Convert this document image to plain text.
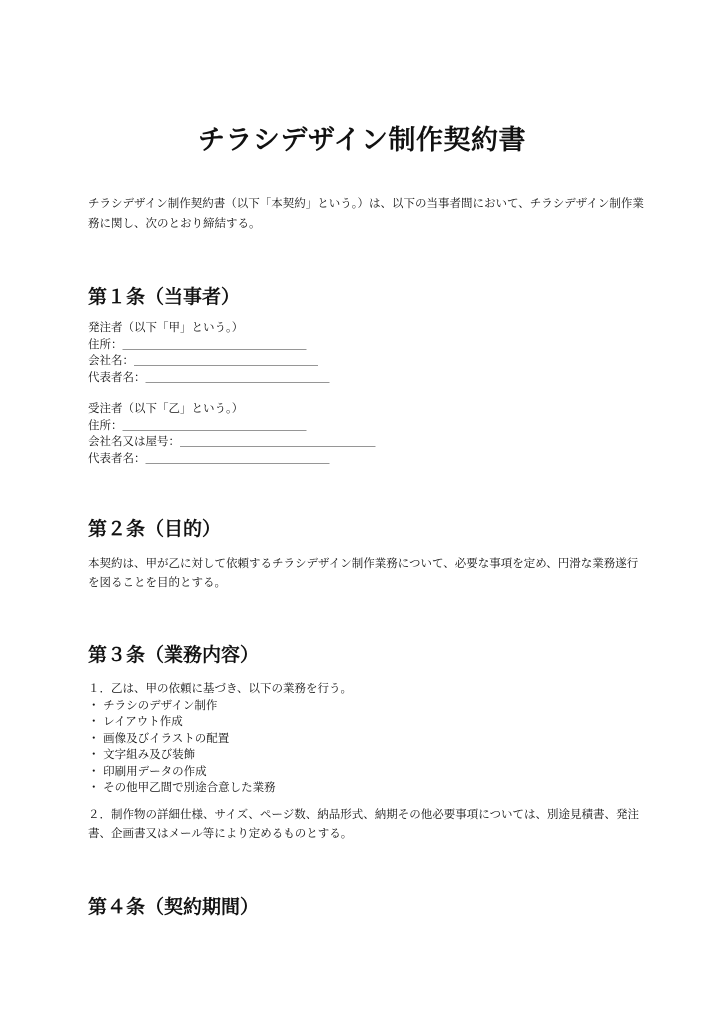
チラシデザイン制作契約書

チラシデザイン制作契約書（以下「本契約」という。）は、以下の当事者間において、チラシデザイン制作業務に関し、次のとおり締結する。

第１条（当事者）
発注者（以下「甲」という。）
住所：＿＿＿＿＿＿＿＿＿＿＿＿＿＿＿＿
会社名：＿＿＿＿＿＿＿＿＿＿＿＿＿＿＿＿
代表者名：＿＿＿＿＿＿＿＿＿＿＿＿＿＿＿＿
受注者（以下「乙」という。）
住所：＿＿＿＿＿＿＿＿＿＿＿＿＿＿＿＿
会社名又は屋号：＿＿＿＿＿＿＿＿＿＿＿＿＿＿＿＿＿
代表者名：＿＿＿＿＿＿＿＿＿＿＿＿＿＿＿＿
第２条（目的）

本契約は、甲が乙に対して依頼するチラシデザイン制作業務について、必要な事項を定め、円滑な業務遂行を図ることを目的とする。

第３条（業務内容）
１．乙は、甲の依頼に基づき、以下の業務を行う。
・ チラシのデザイン制作
・ レイアウト作成
・ 画像及びイラストの配置
・ 文字組み及び装飾
・ 印刷用データの作成
・ その他甲乙間で別途合意した業務

２．制作物の詳細仕様、サイズ、ページ数、納品形式、納期その他必要事項については、別途見積書、発注書、企画書又はメール等により定めるものとする。

第４条（契約期間）
